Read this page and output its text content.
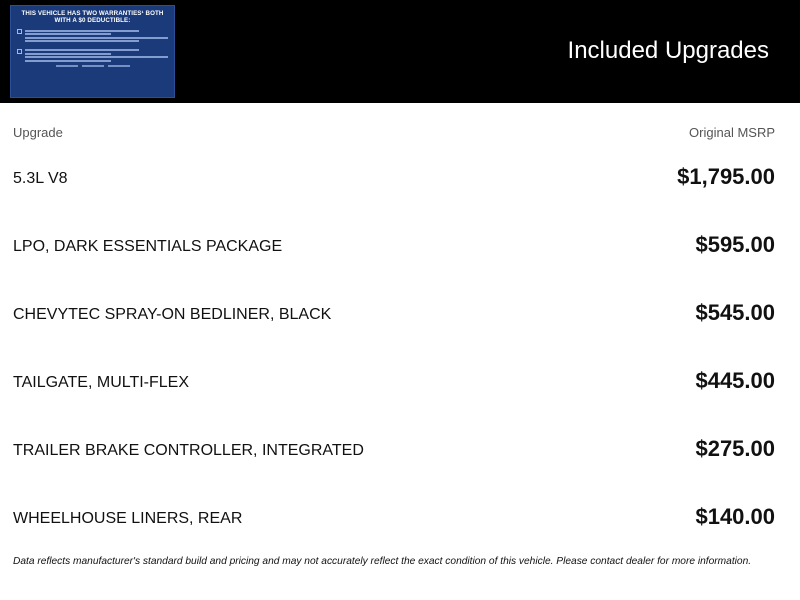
THIS VEHICLE HAS TWO WARRANTIES¹ BOTH WITH A $0 DEDUCTIBLE:
Included Upgrades
Upgrade	Original MSRP
5.3L V8	$1,795.00
LPO, DARK ESSENTIALS PACKAGE	$595.00
CHEVYTEC SPRAY-ON BEDLINER, BLACK	$545.00
TAILGATE, MULTI-FLEX	$445.00
TRAILER BRAKE CONTROLLER, INTEGRATED	$275.00
WHEELHOUSE LINERS, REAR	$140.00
Data reflects manufacturer's standard build and pricing and may not accurately reflect the exact condition of this vehicle. Please contact dealer for more information.
